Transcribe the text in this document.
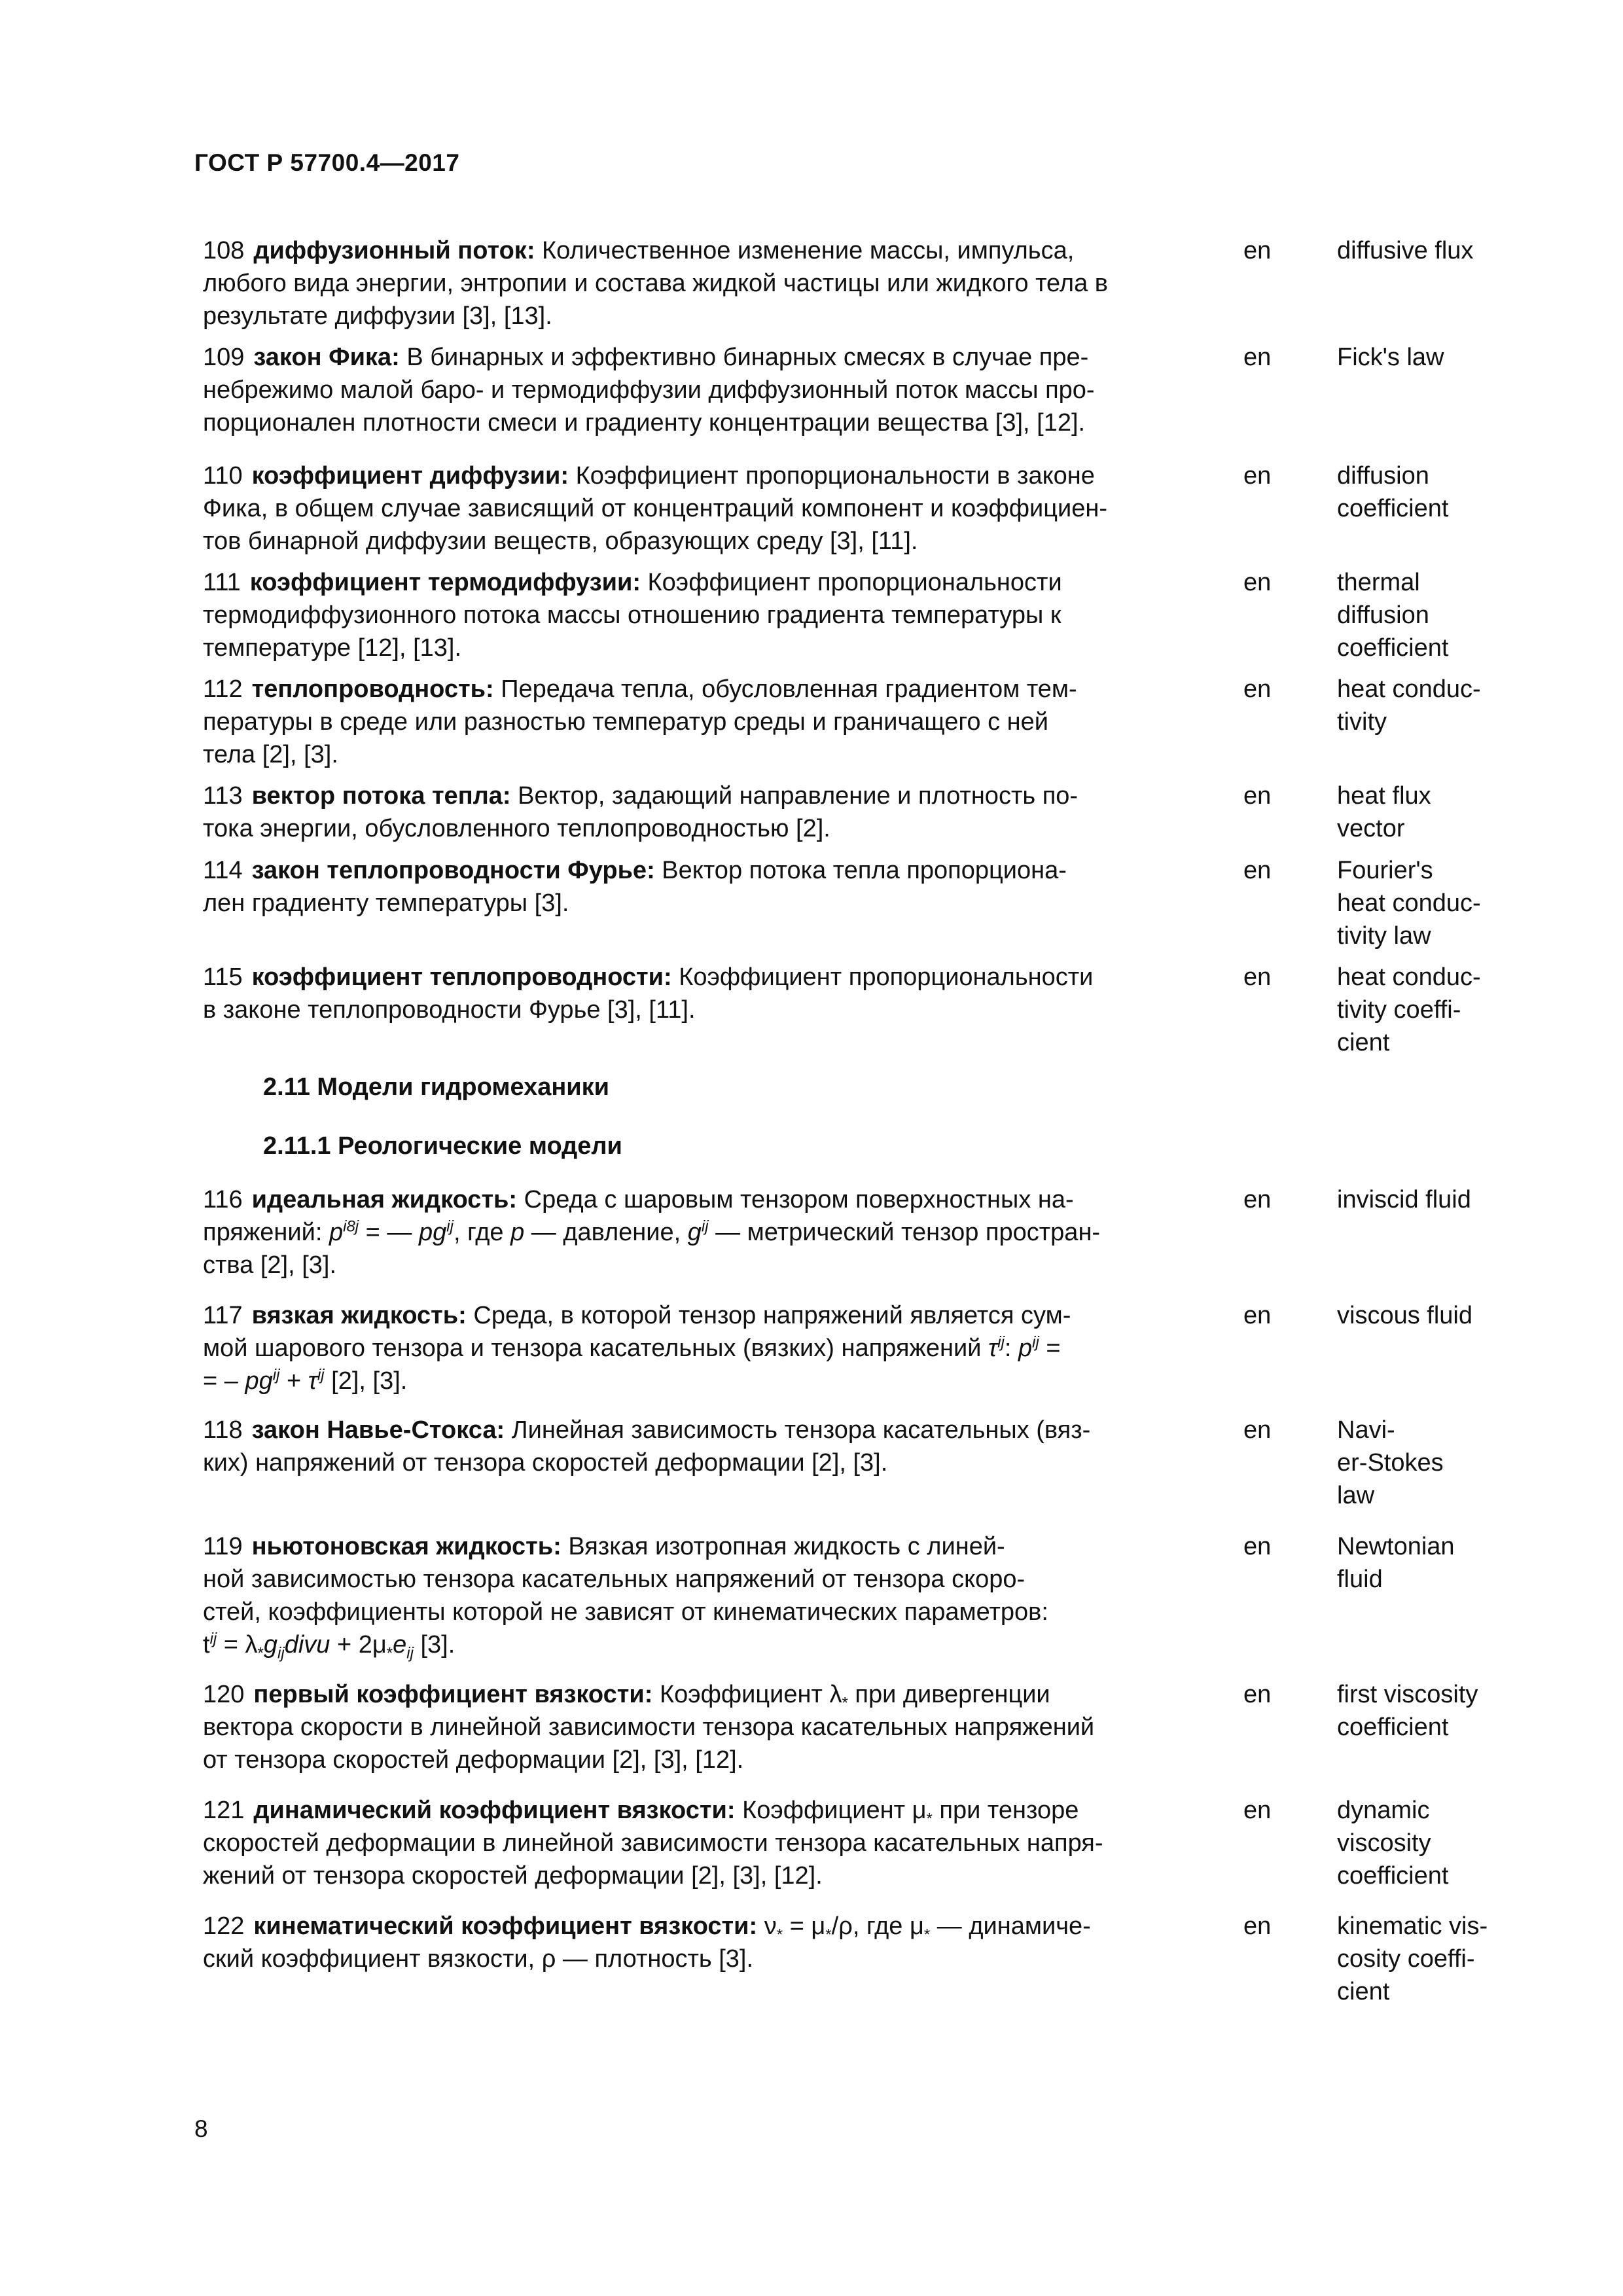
ГОСТ Р 57700.4—2017
108 диффузионный поток: Количественное изменение массы, импульса,
любого вида энергии, энтропии и состава жидкой частицы или жидкого тела в
результате диффузии [3], [13].
en	diffusive flux
109 закон Фика: В бинарных и эффективно бинарных смесях в случае пре-
небрежимо малой баро- и термодиффузии диффузионный поток массы про-
порционален плотности смеси и градиенту концентрации вещества [3], [12].
en	Fick's law
110 коэффициент диффузии: Коэффициент пропорциональности в законе
Фика, в общем случае зависящий от концентраций компонент и коэффициен-
тов бинарной диффузии веществ, образующих среду [3], [11].
en	diffusion
coefficient
111 коэффициент термодиффузии: Коэффициент пропорциональности
термодиффузионного потока массы отношению градиента температуры к
температуре [12], [13].
en	thermal
diffusion
coefficient
112 теплопроводность: Передача тепла, обусловленная градиентом тем-
пературы в среде или разностью температур среды и граничащего с ней
тела [2], [3].
en	heat conduc-
tivity
113 вектор потока тепла: Вектор, задающий направление и плотность по-
тока энергии, обусловленного теплопроводностью [2].
en	heat flux
vector
114 закон теплопроводности Фурье: Вектор потока тепла пропорциона-
лен градиенту температуры [3].
en	Fourier's
heat conduc-
tivity law
115 коэффициент теплопроводности: Коэффициент пропорциональности
в законе теплопроводности Фурье [3], [11].
en	heat conduc-
tivity coeffi-
cient
2.11 Модели гидромеханики
2.11.1 Реологические модели
116 идеальная жидкость: Среда с шаровым тензором поверхностных на-
пряжений: $p^{i8j}$ = — $pg^{ij}$, где p — давление, $g^{ij}$ — метрический тензор простран-
ства [2], [3].
en	inviscid fluid
117 вязкая жидкость: Среда, в которой тензор напряжений является сум-
мой шарового тензора и тензора касательных (вязких) напряжений $\tau^{ij}$: $p^{ij}$ =
= – $pg^{ij} + \tau^{ij}$ [2], [3].
en	viscous fluid
118 закон Навье-Стокса: Линейная зависимость тензора касательных (вяз-
ких) напряжений от тензора скоростей деформации [2], [3].
en	Navi-
er-Stokes
law
119 ньютоновская жидкость: Вязкая изотропная жидкость с линей-
ной зависимостью тензора касательных напряжений от тензора скоро-
стей, коэффициенты которой не зависят от кинематических параметров:
$t^{ij}$ = $\lambda_*g_{ij}divu + 2\mu_*e_{ij}$ [3].
en	Newtonian
fluid
120 первый коэффициент вязкости: Коэффициент $\lambda_*$ при дивергенции
вектора скорости в линейной зависимости тензора касательных напряжений
от тензора скоростей деформации [2], [3], [12].
en	first viscosity
coefficient
121 динамический коэффициент вязкости: Коэффициент $\mu_*$ при тензоре
скоростей деформации в линейной зависимости тензора касательных напря-
жений от тензора скоростей деформации [2], [3], [12].
en	dynamic
viscosity
coefficient
122 кинематический коэффициент вязкости: $\nu_* = \mu_*/\rho$, где $\mu_*$ — динамиче-
ский коэффициент вязкости, ρ — плотность [3].
en	kinematic vis-
cosity coeffi-
cient
8
